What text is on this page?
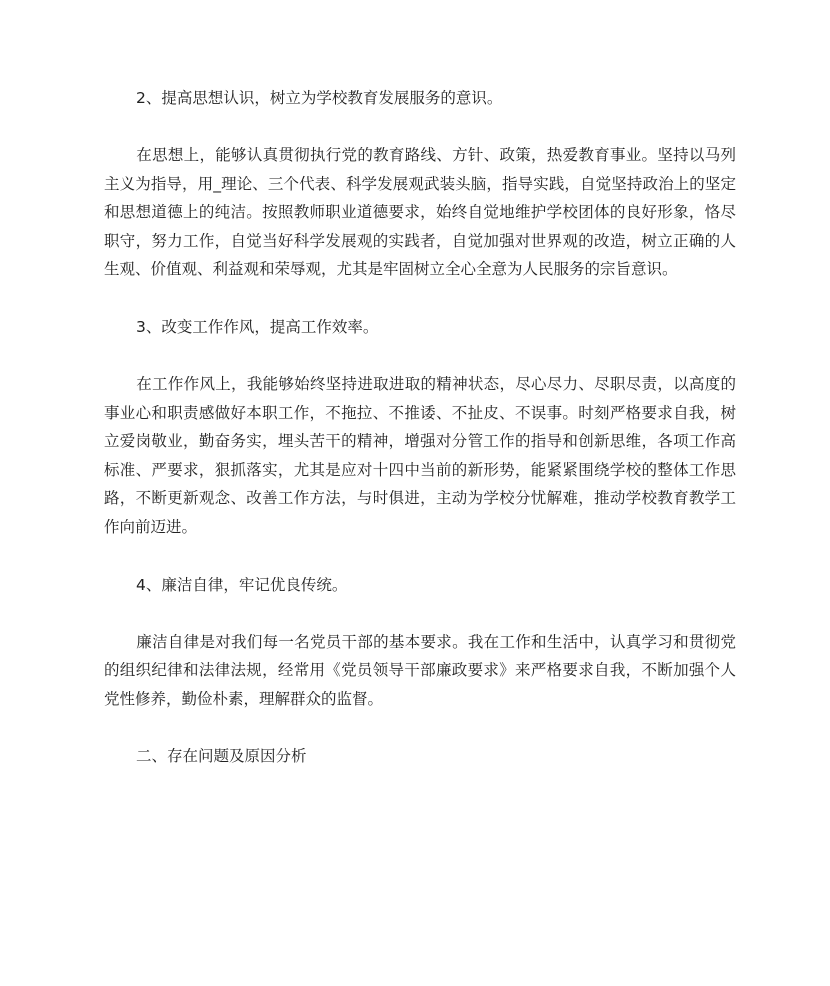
2、提高思想认识，树立为学校教育发展服务的意识。
在思想上，能够认真贯彻执行党的教育路线、方针、政策，热爱教育事业。坚持以马列主义为指导，用_理论、三个代表、科学发展观武装头脑，指导实践，自觉坚持政治上的坚定和思想道德上的纯洁。按照教师职业道德要求，始终自觉地维护学校团体的良好形象，恪尽职守，努力工作，自觉当好科学发展观的实践者，自觉加强对世界观的改造，树立正确的人生观、价值观、利益观和荣辱观，尤其是牢固树立全心全意为人民服务的宗旨意识。
3、改变工作作风，提高工作效率。
在工作作风上，我能够始终坚持进取进取的精神状态，尽心尽力、尽职尽责，以高度的事业心和职责感做好本职工作，不拖拉、不推诿、不扯皮、不误事。时刻严格要求自我，树立爱岗敬业，勤奋务实，埋头苦干的精神，增强对分管工作的指导和创新思维，各项工作高标准、严要求，狠抓落实，尤其是应对十四中当前的新形势，能紧紧围绕学校的整体工作思路，不断更新观念、改善工作方法，与时俱进，主动为学校分忧解难，推动学校教育教学工作向前迈进。
4、廉洁自律，牢记优良传统。
廉洁自律是对我们每一名党员干部的基本要求。我在工作和生活中，认真学习和贯彻党的组织纪律和法律法规，经常用《党员领导干部廉政要求》来严格要求自我，不断加强个人党性修养，勤俭朴素，理解群众的监督。
二、存在问题及原因分析
